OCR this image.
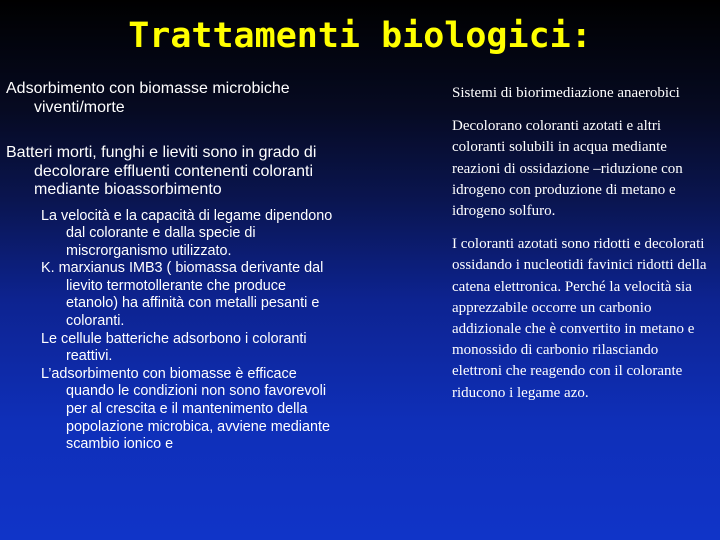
Trattamenti biologici:

Adsorbimento con biomasse microbiche viventi/morte

Batteri morti, funghi e lieviti sono in grado di decolorare effluenti contenenti coloranti mediante bioassorbimento

La velocità e la capacità di legame dipendono dal colorante e dalla specie di miscrorganismo utilizzato.

K. marxianus IMB3 ( biomassa derivante dal lievito termotollerante che produce etanolo) ha affinità con metalli pesanti e coloranti.

Le cellule batteriche adsorbono i coloranti reattivi.

L’adsorbimento con biomasse è efficace quando le condizioni non sono favorevoli per al crescita e il mantenimento della popolazione microbica, avviene mediante scambio ionico e

Sistemi di biorimediazione anaerobici

Decolorano coloranti azotati e altri coloranti solubili in acqua mediante reazioni di ossidazione –riduzione con idrogeno con produzione di metano e idrogeno solfuro.

I coloranti azotati sono ridotti e decolorati ossidando i nucleotidi favinici ridotti della catena elettronica. Perché la velocità sia apprezzabile occorre un carbonio addizionale che è convertito in metano e monossido di carbonio rilasciando elettroni che reagendo con il colorante riducono i legame azo.
